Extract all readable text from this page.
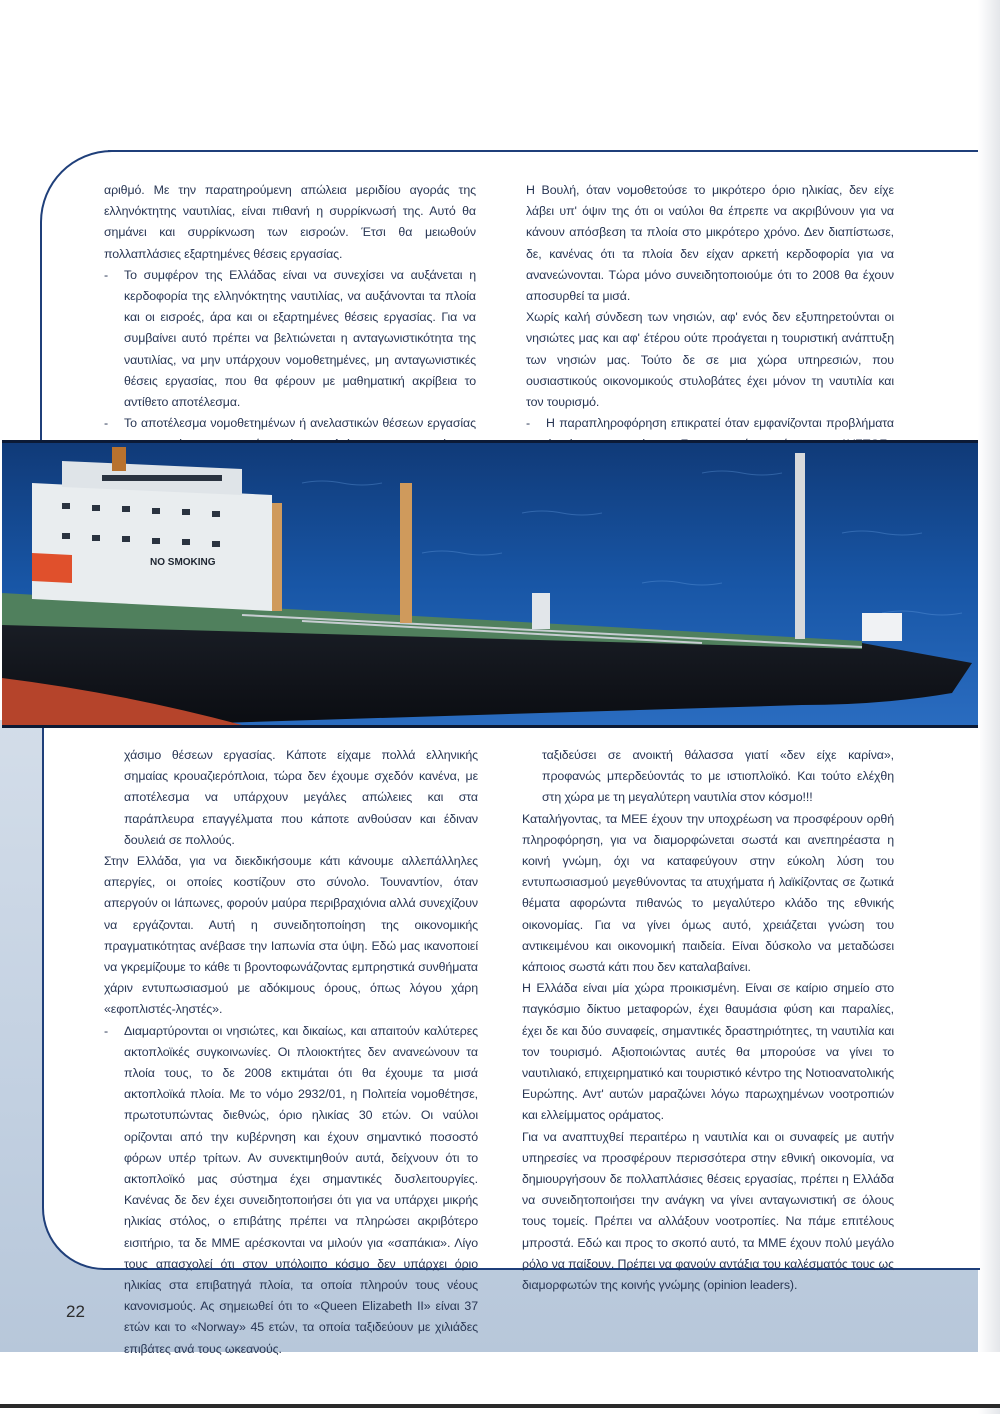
αριθμό. Με την παρατηρούμενη απώλεια μεριδίου αγοράς της ελληνόκτητης ναυτιλίας, είναι πιθανή η συρρίκνωσή της. Αυτό θα σημάνει και συρρίκνωση των εισροών. Έτσι θα μειωθούν πολλαπλάσιες εξαρτημένες θέσεις εργασίας.

- Το συμφέρον της Ελλάδας είναι να συνεχίσει να αυξάνεται η κερδοφορία της ελληνόκτητης ναυτιλίας, να αυξάνονται τα πλοία και οι εισροές, άρα και οι εξαρτημένες θέσεις εργασίας. Για να συμβαίνει αυτό πρέπει να βελτιώνεται η ανταγωνιστικότητα της ναυτιλίας, να μην υπάρχουν νομοθετημένες, μη ανταγωνιστικές θέσεις εργασίας, που θα φέρουν με μαθηματική ακρίβεια το αντίθετο αποτέλεσμα.

- Το αποτέλεσμα νομοθετημένων ή ανελαστικών θέσεων εργασίας

Η Βουλή, όταν νομοθετούσε το μικρότερο όριο ηλικίας, δεν είχε λάβει υπ' όψιν της ότι οι ναύλοι θα έπρεπε να ακριβύνουν για να κάνουν απόσβεση τα πλοία στο μικρότερο χρόνο. Δεν διαπίστωσε, δε, κανένας ότι τα πλοία δεν είχαν αρκετή κερδοφορία για να ανανεώνονται. Τώρα μόνο συνειδητοποιούμε ότι το 2008 θα έχουν αποσυρθεί τα μισά.

Χωρίς καλή σύνδεση των νησιών, αφ' ενός δεν εξυπηρετούνται οι νησιώτες μας και αφ' έτέρου ούτε προάγεται η τουριστική ανάπτυξη των νησιών μας. Τούτο δε σε μια χώρα υπηρεσιών, που ουσιαστικούς οικονομικούς στυλοβάτες έχει μόνον τη ναυτιλία και τον τουρισμό.

- Η παραπληροφόρηση επικρατεί όταν εμφανίζονται προβλήματα

NO SMOKING

χάσιμο θέσεων εργασίας. Κάποτε είχαμε πολλά ελληνικής σημαίας κρουαζιερόπλοια, τώρα δεν έχουμε σχεδόν κανένα, με αποτέλεσμα να υπάρχουν μεγάλες απώλειες και στα παράπλευρα επαγγέλματα που κάποτε ανθούσαν και έδιναν δουλειά σε πολλούς.

Στην Ελλάδα, για να διεκδικήσουμε κάτι κάνουμε αλλεπάλληλες απεργίες, οι οποίες κοστίζουν στο σύνολο. Τουναντίον, όταν απεργούν οι Ιάπωνες, φορούν μαύρα περιβραχιόνια αλλά συνεχίζουν να εργάζονται. Αυτή η συνειδητοποίηση της οικονομικής πραγματικότητας ανέβασε την Ιαπωνία στα ύψη. Εδώ μας ικανοποιεί να γκρεμίζουμε το κάθε τι βροντοφωνάζοντας εμπρηστικά συνθήματα χάριν εντυπωσιασμού με αδόκιμους όρους, όπως λόγου χάρη «εφοπλιστές-ληστές».

- Διαμαρτύρονται οι νησιώτες, και δικαίως, και απαιτούν καλύτερες ακτοπλοϊκές συγκοινωνίες. Οι πλοιοκτήτες δεν ανανεώνουν τα πλοία τους, το δε 2008 εκτιμάται ότι θα έχουμε τα μισά ακτοπλοϊκά πλοία. Με το νόμο 2932/01, η Πολιτεία νομοθέτησε, πρωτοτυπώντας διεθνώς, όριο ηλικίας 30 ετών. Οι ναύλοι ορίζονται από την κυβέρνηση και έχουν σημαντικό ποσοστό φόρων υπέρ τρίτων. Αν συνεκτιμηθούν αυτά, δείχνουν ότι το ακτοπλοϊκό μας σύστημα έχει σημαντικές δυσλειτουργίες. Κανένας δε δεν έχει συνειδητοποιήσει ότι για να υπάρχει μικρής ηλικίας στόλος, ο επιβάτης πρέπει να πληρώσει ακριβότερο εισιτήριο, τα δε ΜΜΕ αρέσκονται να μιλούν για «σαπάκια». Λίγο τους απασχολεί ότι στον υπόλοιπο κόσμο δεν υπάρχει όριο ηλικίας στα επιβατηγά πλοία, τα οποία πληρούν τους νέους κανονισμούς. Ας σημειωθεί ότι το «Queen Elizabeth II» είναι 37 ετών και το «Norway» 45 ετών, τα οποία ταξιδεύουν με χιλιάδες επιβάτες ανά τους ωκεανούς.

ταξιδεύσει σε ανοικτή θάλασσα γιατί «δεν είχε καρίνα», προφανώς μπερδεύοντάς το με ιστιοπλοϊκό. Και τούτο ελέχθη στη χώρα με τη μεγαλύτερη ναυτιλία στον κόσμο!!!

Καταλήγοντας, τα ΜΕΕ έχουν την υποχρέωση να προσφέρουν ορθή πληροφόρηση, για να διαμορφώνεται σωστά και ανεπηρέαστα η κοινή γνώμη, όχι να καταφεύγουν στην εύκολη λύση του εντυπωσιασμού μεγεθύνοντας τα ατυχήματα ή λαϊκίζοντας σε ζωτικά θέματα αφορώντα πιθανώς το μεγαλύτερο κλάδο της εθνικής οικονομίας. Για να γίνει όμως αυτό, χρειάζεται γνώση του αντικειμένου και οικονομική παιδεία. Είναι δύσκολο να μεταδώσει κάποιος σωστά κάτι που δεν καταλαβαίνει.

Η Ελλάδα είναι μία χώρα προικισμένη. Είναι σε καίριο σημείο στο παγκόσμιο δίκτυο μεταφορών, έχει θαυμάσια φύση και παραλίες, έχει δε και δύο συναφείς, σημαντικές δραστηριότητες, τη ναυτιλία και τον τουρισμό. Αξιοποιώντας αυτές θα μπορούσε να γίνει το ναυτιλιακό, επιχειρηματικό και τουριστικό κέντρο της Νοτιοανατολικής Ευρώπης. Αντ' αυτών μαραζώνει λόγω παρωχημένων νοοτροπιών και ελλείμματος οράματος.

Για να αναπτυχθεί περαιτέρω η ναυτιλία και οι συναφείς με αυτήν υπηρεσίες να προσφέρουν περισσότερα στην εθνική οικονομία, να δημιουργήσουν δε πολλαπλάσιες θέσεις εργασίας, πρέπει η Ελλάδα να συνειδητοποιήσει την ανάγκη να γίνει ανταγωνιστική σε όλους τους τομείς. Πρέπει να αλλάξουν νοοτροπίες. Να πάμε επιτέλους μπροστά. Εδώ και προς το σκοπό αυτό, τα ΜΜΕ έχουν πολύ μεγάλο ρόλο να παίξουν. Πρέπει να φανούν αντάξια του καλέσματός τους ως διαμορφωτών της κοινής γνώμης (opinion leaders).

22
